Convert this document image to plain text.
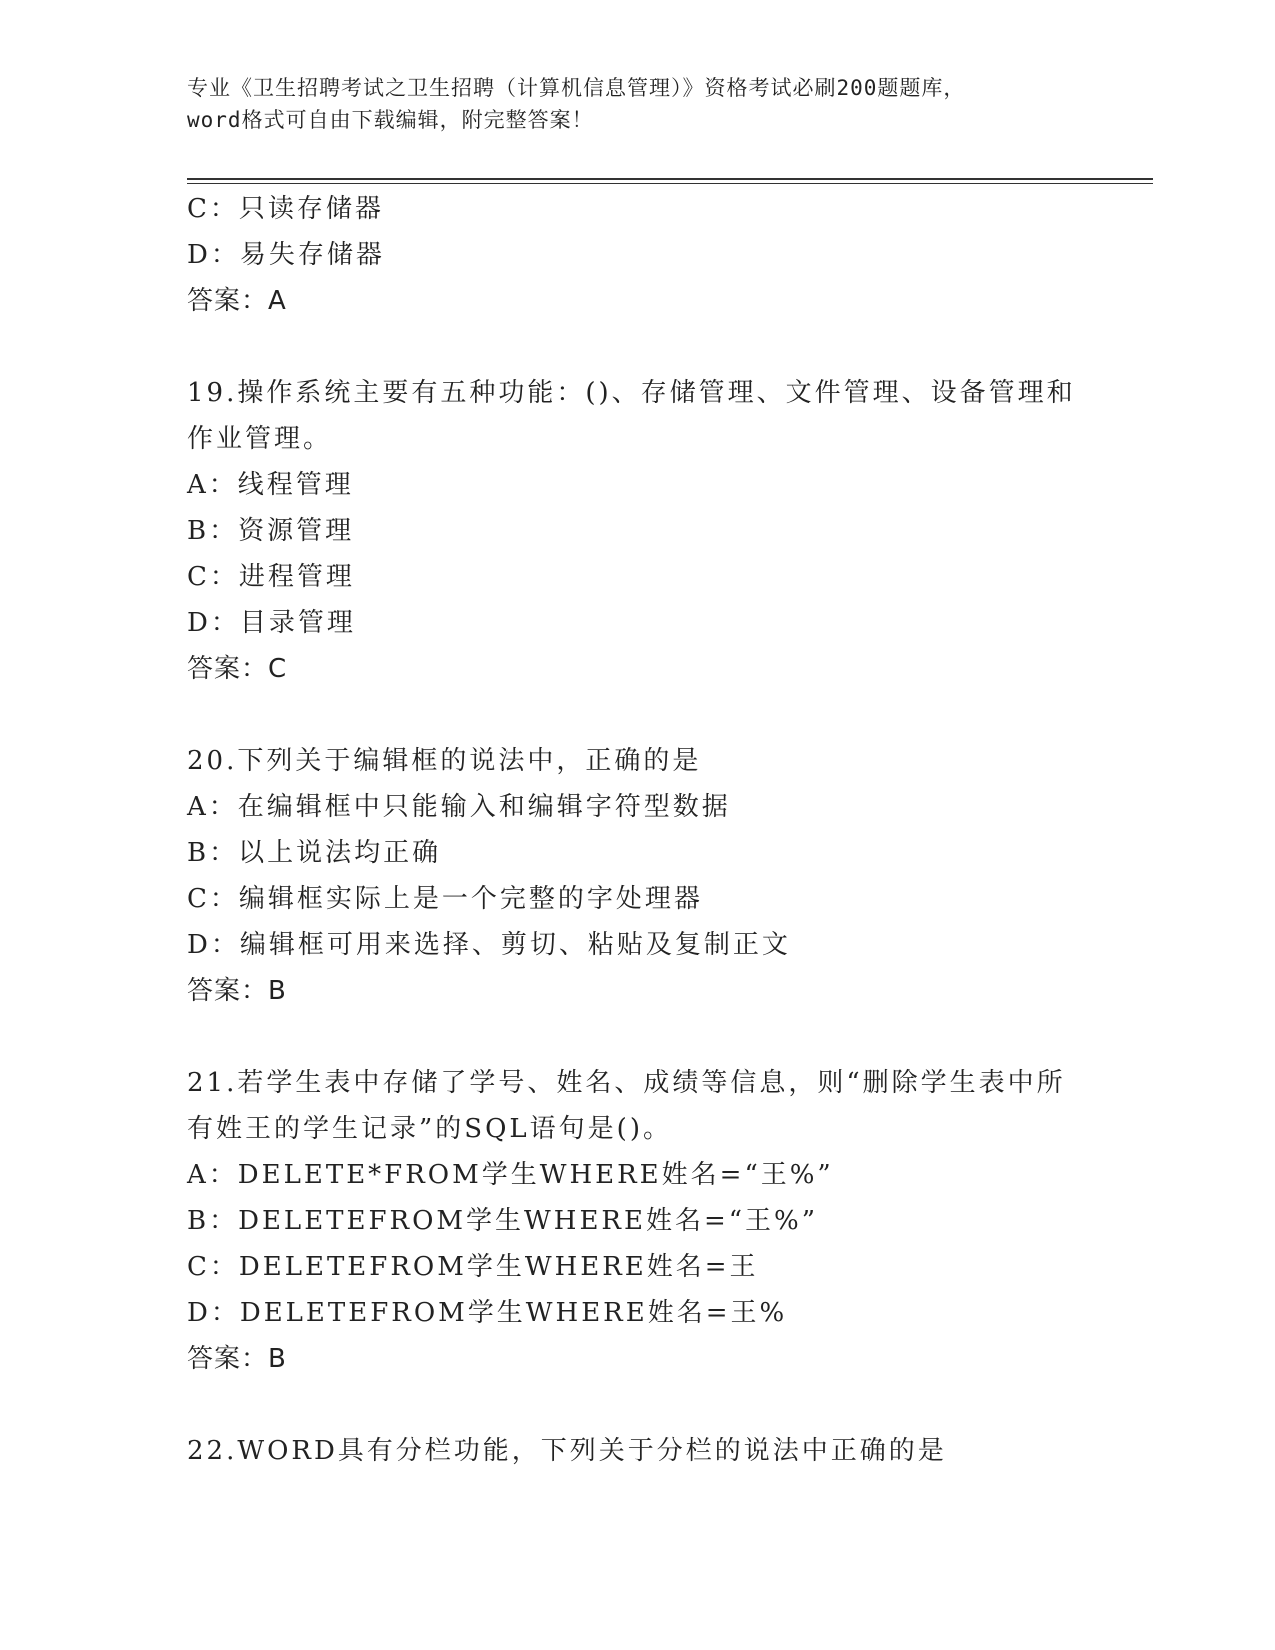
专业《卫生招聘考试之卫生招聘（计算机信息管理）》资格考试必刷200题题库，
word格式可自由下载编辑，附完整答案！
C：只读存储器
D：易失存储器
答案：A
19.操作系统主要有五种功能：()、存储管理、文件管理、设备管理和
作业管理。
A：线程管理
B：资源管理
C：进程管理
D：目录管理
答案：C
20.下列关于编辑框的说法中，正确的是
A：在编辑框中只能输入和编辑字符型数据
B：以上说法均正确
C：编辑框实际上是一个完整的字处理器
D：编辑框可用来选择、剪切、粘贴及复制正文
答案：B
21.若学生表中存储了学号、姓名、成绩等信息，则“删除学生表中所
有姓王的学生记录”的SQL语句是()。
A：DELETE*FROM学生WHERE姓名=“王%”
B：DELETEFROM学生WHERE姓名=“王%”
C：DELETEFROM学生WHERE姓名=王
D：DELETEFROM学生WHERE姓名=王%
答案：B
22.WORD具有分栏功能，下列关于分栏的说法中正确的是
